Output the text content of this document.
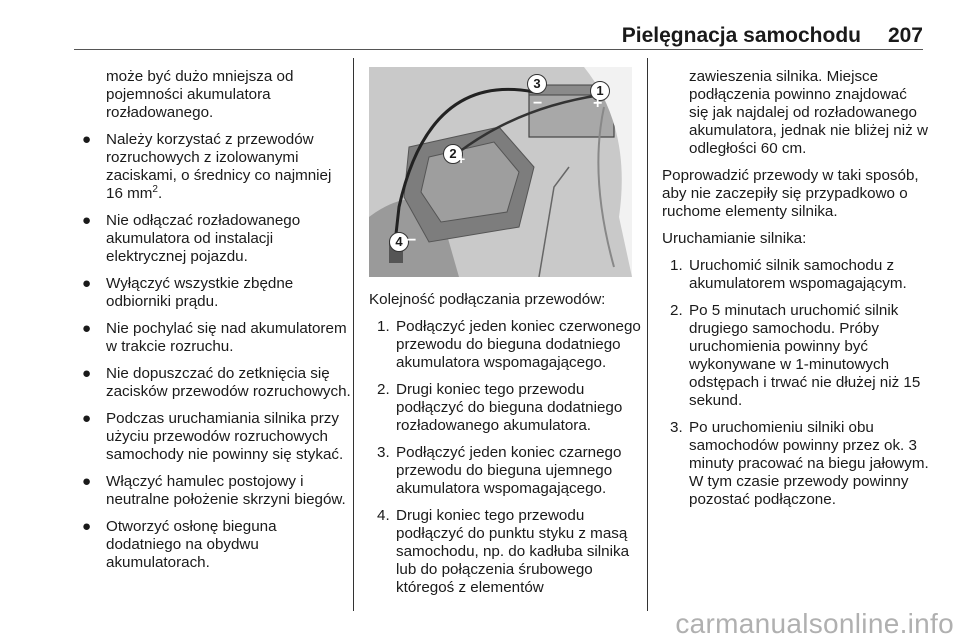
Pielęgnacja samochodu 207
może być dużo mniejsza od pojemności akumulatora rozładowanego.
● Należy korzystać z przewodów rozruchowych z izolowanymi zaciskami, o średnicy co najmniej 16 $mm^2$.
● Nie odłączać rozładowanego akumulatora od instalacji elektrycznej pojazdu.
● Wyłączyć wszystkie zbędne odbiorniki prądu.
● Nie pochylać się nad akumulatorem w trakcie rozruchu.
● Nie dopuszczać do zetknięcia się zacisków przewodów rozruchowych.
● Podczas uruchamiania silnika przy użyciu przewodów rozruchowych samochody nie powinny się stykać.
● Włączyć hamulec postojowy i neutralne położenie skrzyni biegów.
● Otworzyć osłonę bieguna dodatniego na obydwu akumulatorach.
1
2
3
4
+
+
−
−
Kolejność podłączania przewodów:
1. Podłączyć jeden koniec czerwonego przewodu do bieguna dodatniego akumulatora wspomagającego.
2. Drugi koniec tego przewodu podłączyć do bieguna dodatniego rozładowanego akumulatora.
3. Podłączyć jeden koniec czarnego przewodu do bieguna ujemnego akumulatora wspomagającego.
4. Drugi koniec tego przewodu podłączyć do punktu styku z masą samochodu, np. do kadłuba silnika lub do połączenia śrubowego któregoś z elementów
zawieszenia silnika. Miejsce podłączenia powinno znajdować się jak najdalej od rozładowanego akumulatora, jednak nie bliżej niż w odległości 60 cm.
Poprowadzić przewody w taki sposób, aby nie zaczepiły się przypadkowo o ruchome elementy silnika.
Uruchamianie silnika:
1. Uruchomić silnik samochodu z akumulatorem wspomagającym.
2. Po 5 minutach uruchomić silnik drugiego samochodu. Próby uruchomienia powinny być wykonywane w 1-minutowych odstępach i trwać nie dłużej niż 15 sekund.
3. Po uruchomieniu silniki obu samochodów powinny przez ok. 3 minuty pracować na biegu jałowym. W tym czasie przewody powinny pozostać podłączone.
carmanualsonline.info
